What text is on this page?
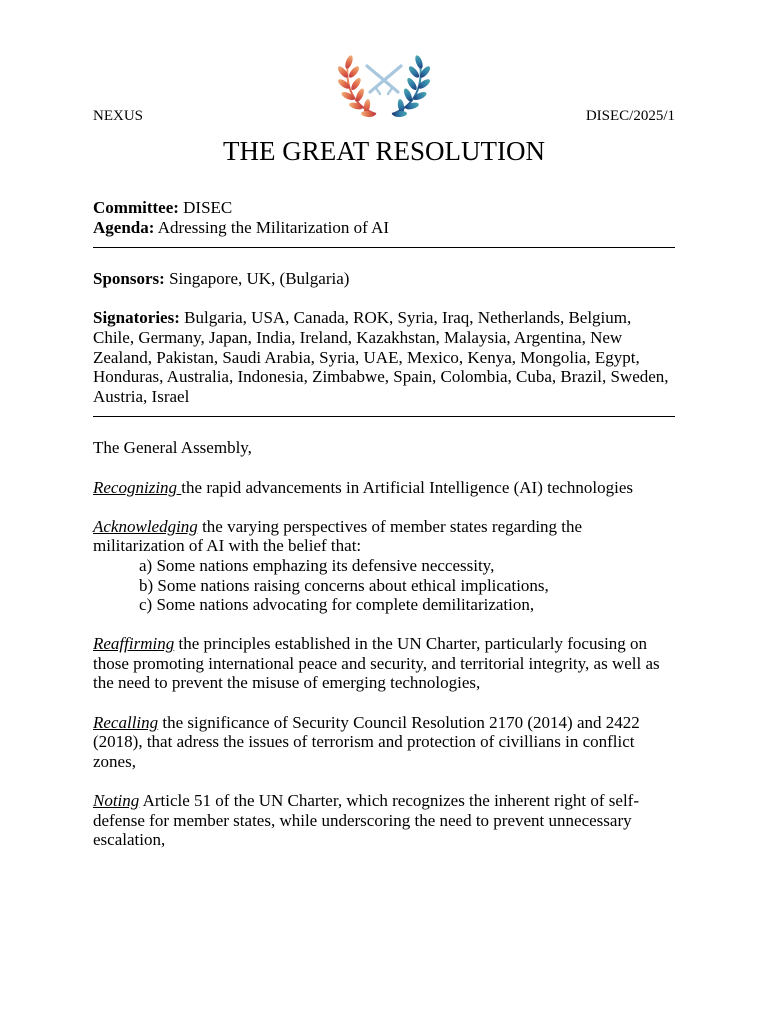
NEXUS	DISEC/2025/1
THE GREAT RESOLUTION

Committee: DISEC

Agenda: Adressing the Militarization of AI

Sponsors: Singapore, UK, (Bulgaria)

Signatories: Bulgaria, USA, Canada, ROK, Syria, Iraq, Netherlands, Belgium, Chile, Germany, Japan, India, Ireland, Kazakhstan, Malaysia, Argentina, New Zealand, Pakistan, Saudi Arabia, Syria, UAE, Mexico, Kenya, Mongolia, Egypt, Honduras, Australia, Indonesia, Zimbabwe, Spain, Colombia, Cuba, Brazil, Sweden, Austria, Israel

The General Assembly,

Recognizing the rapid advancements in Artificial Intelligence (AI) technologies

Acknowledging the varying perspectives of member states regarding the militarization of AI with the belief that:

a) Some nations emphazing its defensive neccessity,

b) Some nations raising concerns about ethical implications,

c) Some nations advocating for complete demilitarization,

Reaffirming the principles established in the UN Charter, particularly focusing on those promoting international peace and security, and territorial integrity, as well as the need to prevent the misuse of emerging technologies,

Recalling the significance of Security Council Resolution 2170 (2014) and 2422 (2018), that adress the issues of terrorism and protection of civillians in conflict zones,

Noting Article 51 of the UN Charter, which recognizes the inherent right of self-defense for member states, while underscoring the need to prevent unnecessary escalation,
